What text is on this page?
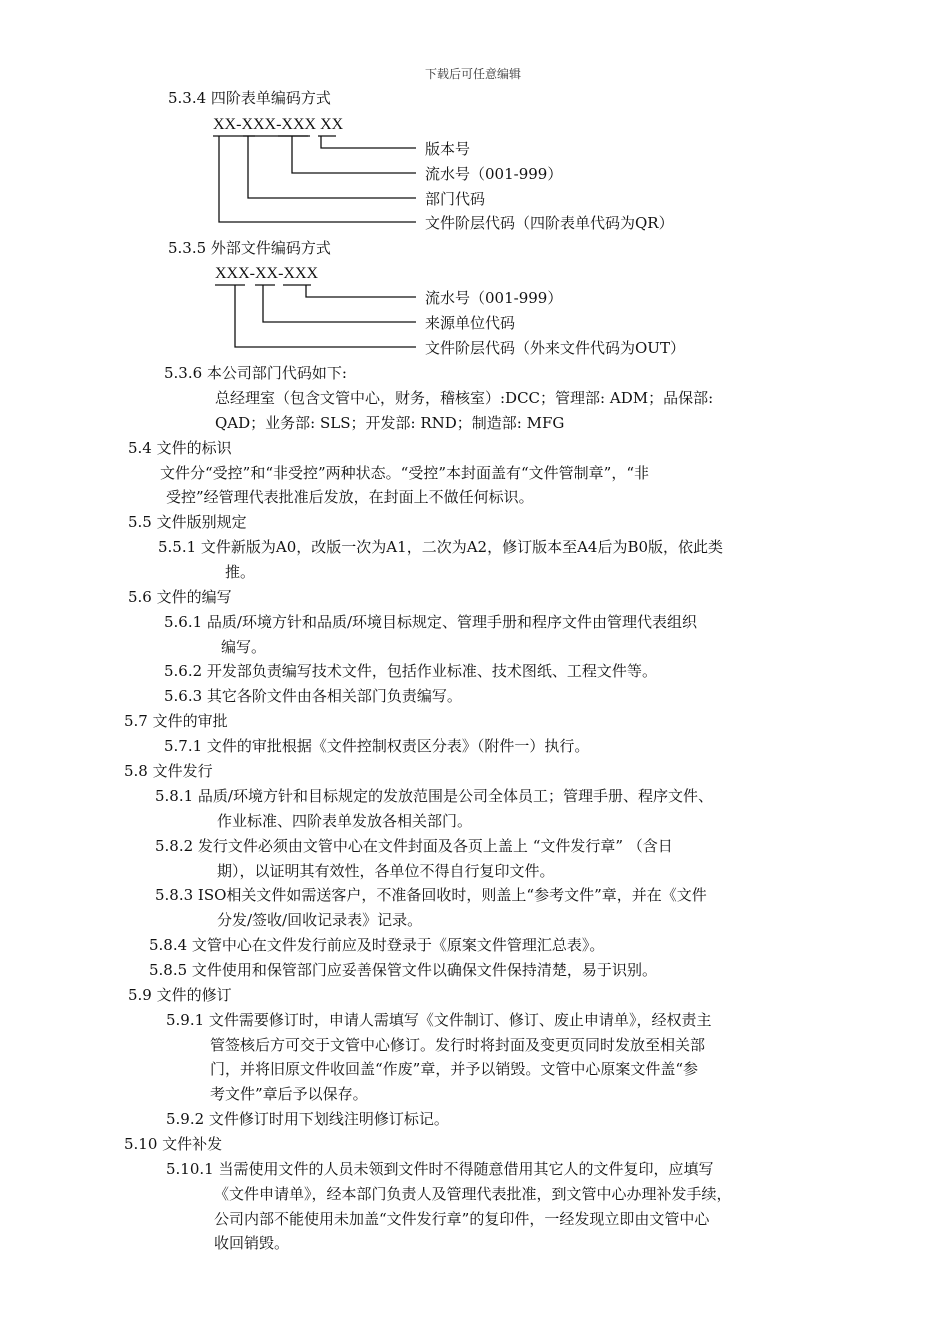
下载后可任意编辑
5.3.4 四阶表单编码方式
XX-XXX-XXX XX
版本号
流水号（001-999）
部门代码
文件阶层代码（四阶表单代码为QR）
5.3.5 外部文件编码方式
XXX-XX-XXX
流水号（001-999）
来源单位代码
文件阶层代码（外来文件代码为OUT）
5.3.6 本公司部门代码如下:
总经理室（包含文管中心，财务，稽核室）:DCC；管理部: ADM；品保部:
QAD；业务部: SLS；开发部: RND；制造部: MFG
5.4 文件的标识
文件分“受控”和“非受控”两种状态。“受控”本封面盖有“文件管制章”，“非
受控”经管理代表批准后发放，在封面上不做任何标识。
5.5 文件版别规定
5.5.1 文件新版为A0，改版一次为A1，二次为A2，修订版本至A4后为B0版，依此类
推。
5.6 文件的编写
5.6.1 品质/环境方针和品质/环境目标规定、管理手册和程序文件由管理代表组织
编写。
5.6.2 开发部负责编写技术文件，包括作业标准、技术图纸、工程文件等。
5.6.3 其它各阶文件由各相关部门负责编写。
5.7 文件的审批
5.7.1 文件的审批根据《文件控制权责区分表》（附件一）执行。
5.8 文件发行
5.8.1 品质/环境方针和目标规定的发放范围是公司全体员工；管理手册、程序文件、
作业标准、四阶表单发放各相关部门。
5.8.2 发行文件必须由文管中心在文件封面及各页上盖上 “文件发行章” （含日
期），以证明其有效性，各单位不得自行复印文件。
5.8.3 ISO相关文件如需送客户，不准备回收时，则盖上“参考文件”章，并在《文件
分发/签收/回收记录表》记录。
5.8.4 文管中心在文件发行前应及时登录于《原案文件管理汇总表》。
5.8.5 文件使用和保管部门应妥善保管文件以确保文件保持清楚，易于识别。
5.9 文件的修订
5.9.1 文件需要修订时，申请人需填写《文件制订、修订、废止申请单》，经权责主
管签核后方可交于文管中心修订。发行时将封面及变更页同时发放至相关部
门，并将旧原文件收回盖“作废”章，并予以销毁。文管中心原案文件盖“参
考文件”章后予以保存。
5.9.2 文件修订时用下划线注明修订标记。
5.10 文件补发
5.10.1 当需使用文件的人员未领到文件时不得随意借用其它人的文件复印，应填写
《文件申请单》，经本部门负责人及管理代表批准，到文管中心办理补发手续，
公司内部不能使用未加盖“文件发行章”的复印件，一经发现立即由文管中心
收回销毁。
